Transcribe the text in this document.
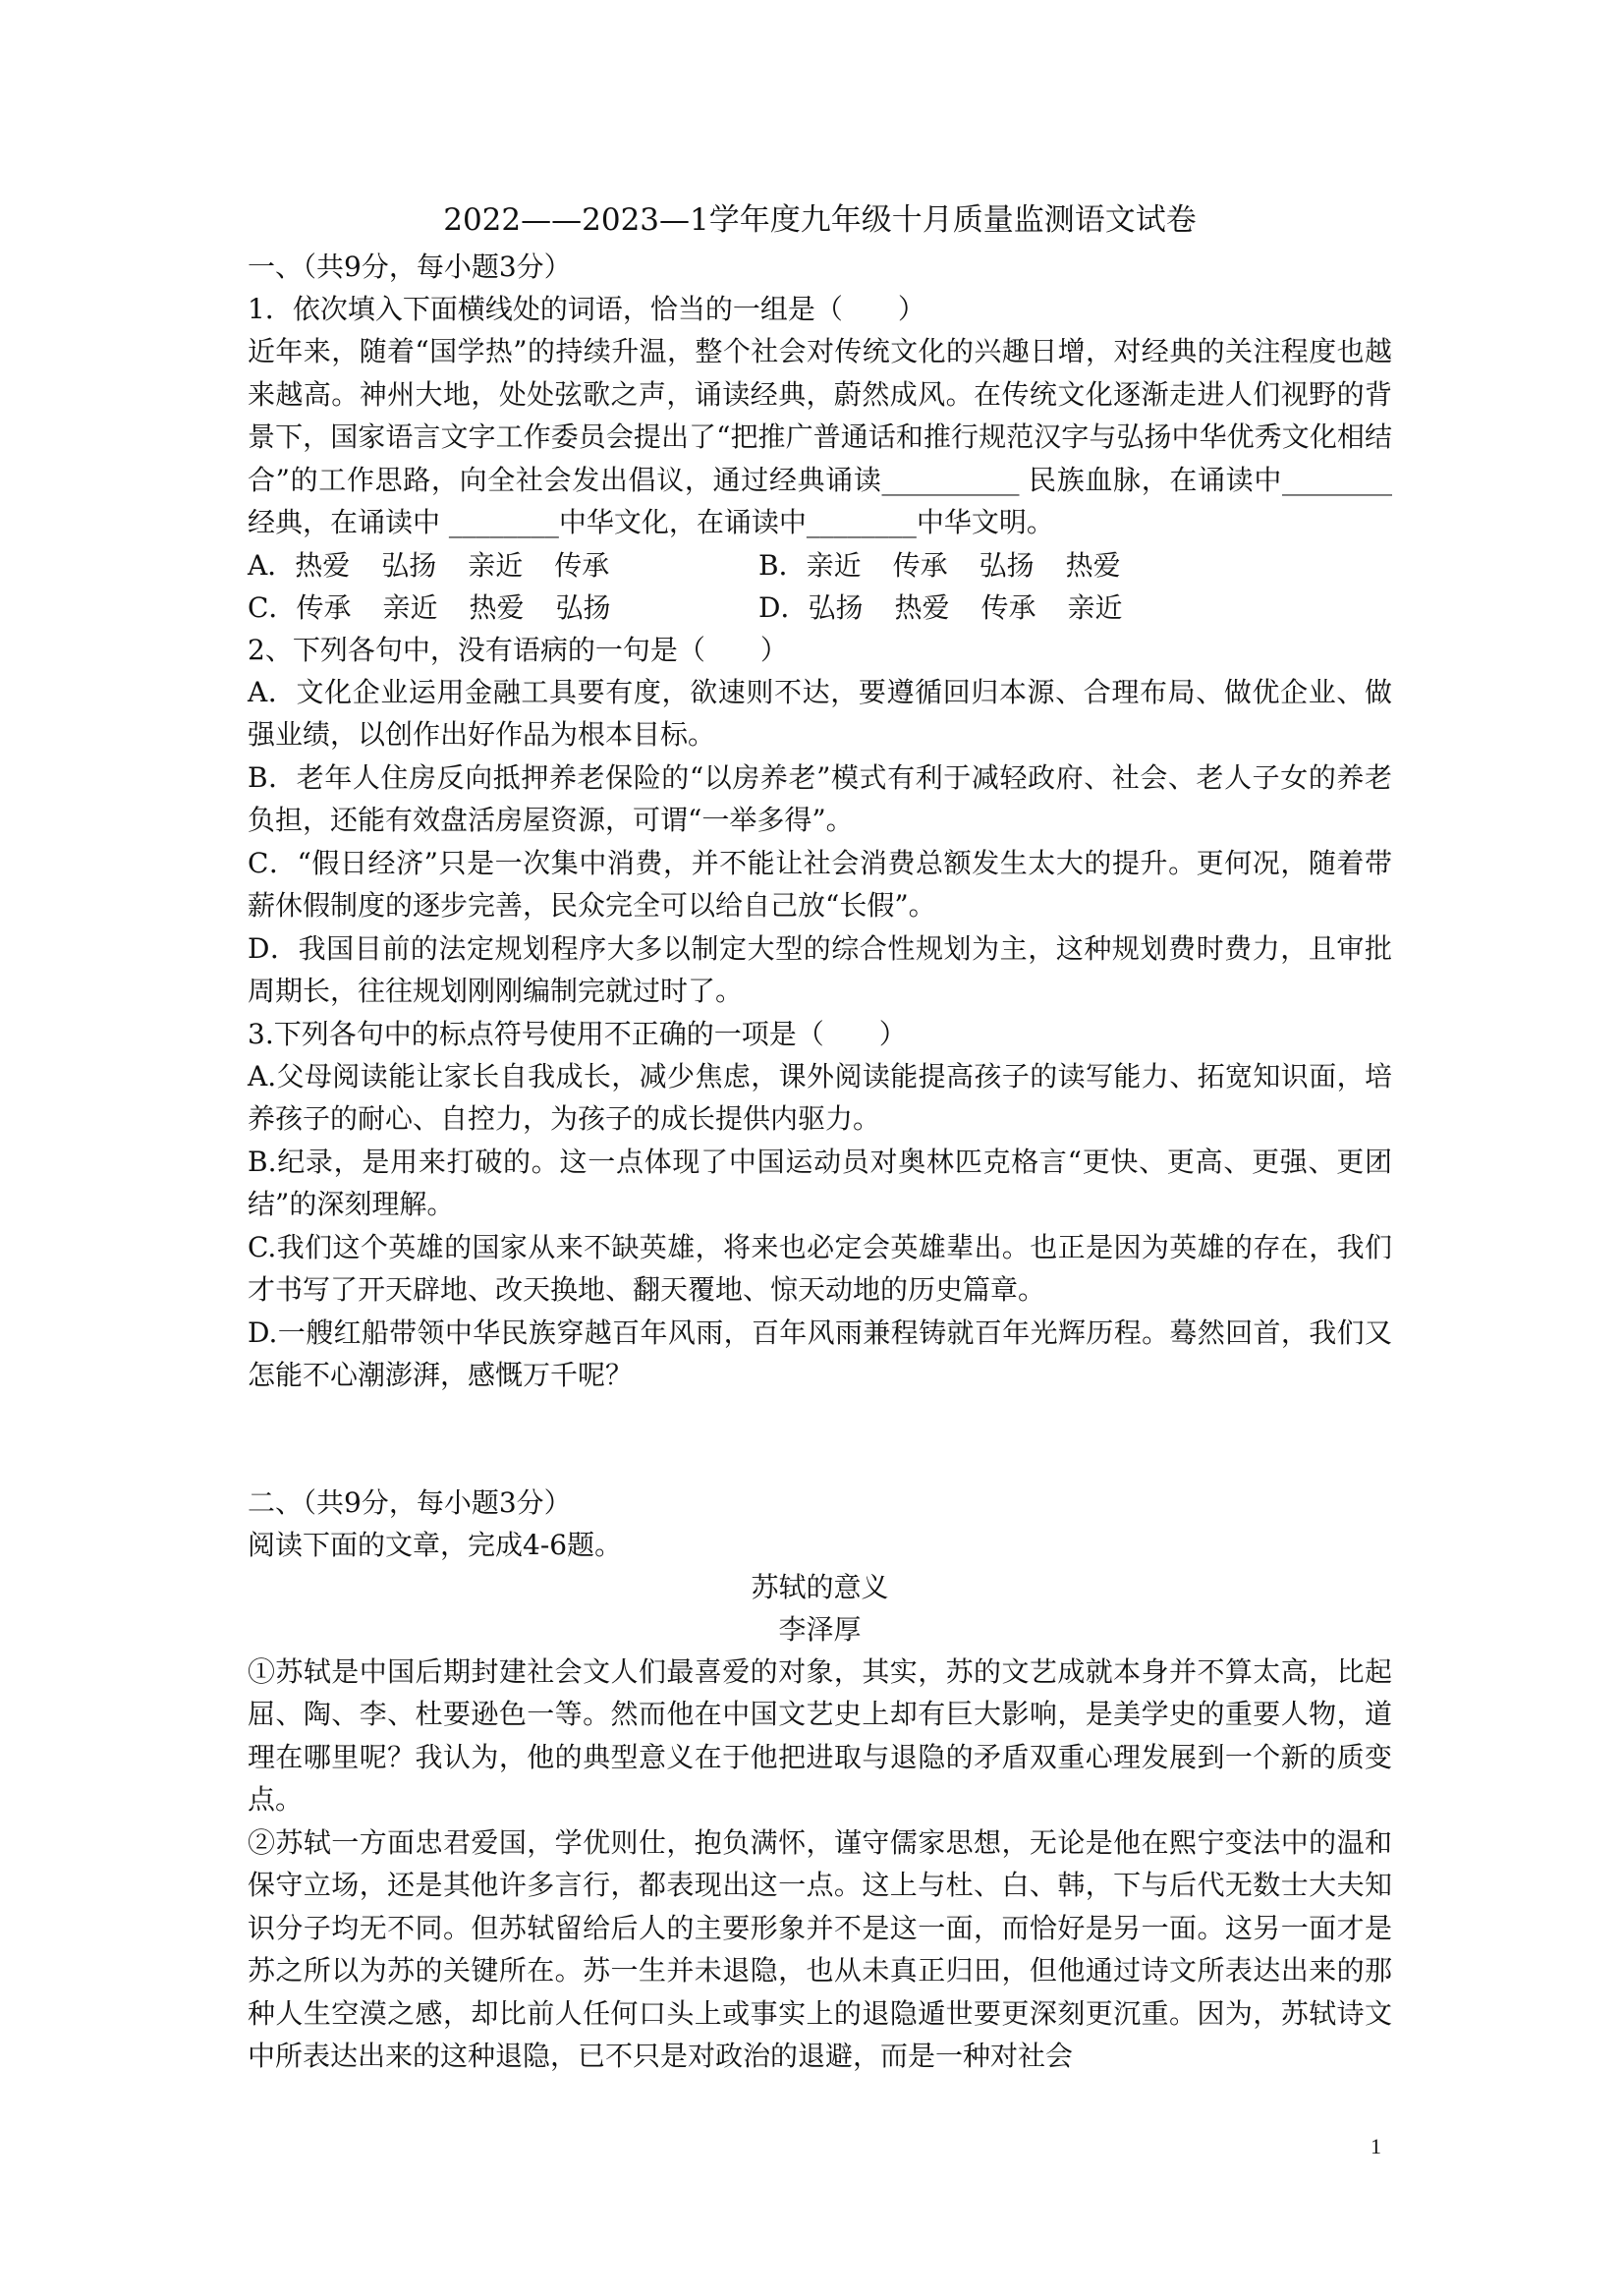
2022——2023—1学年度九年级十月质量监测语文试卷
一、（共9分，每小题3分）
1．依次填入下面横线处的词语，恰当的一组是（　　）

近年来，随着“国学热”的持续升温，整个社会对传统文化的兴趣日增，对经典的关注程度也越来越高。神州大地，处处弦歌之声，诵读经典，蔚然成风。在传统文化逐渐走进人们视野的背景下，国家语言文字工作委员会提出了“把推广普通话和推行规范汉字与弘扬中华优秀文化相结合”的工作思路，向全社会发出倡议，通过经典诵读__________ 民族血脉，在诵读中________经典，在诵读中 ________中华文化，在诵读中________中华文明。

A．热爱 弘扬 亲近 传承	B．亲近 传承 弘扬 热爱
C．传承 亲近 热爱 弘扬	D．弘扬 热爱 传承 亲近
2、下列各句中，没有语病的一句是（　　）

A．文化企业运用金融工具要有度，欲速则不达，要遵循回归本源、合理布局、做优企业、做强业绩，以创作出好作品为根本目标。

B．老年人住房反向抵押养老保险的“以房养老”模式有利于减轻政府、社会、老人子女的养老负担，还能有效盘活房屋资源，可谓“一举多得”。

C．“假日经济”只是一次集中消费，并不能让社会消费总额发生太大的提升。更何况，随着带薪休假制度的逐步完善，民众完全可以给自己放“长假”。

D．我国目前的法定规划程序大多以制定大型的综合性规划为主，这种规划费时费力，且审批周期长，往往规划刚刚编制完就过时了。

3.下列各句中的标点符号使用不正确的一项是（　　）

A.父母阅读能让家长自我成长，减少焦虑，课外阅读能提高孩子的读写能力、拓宽知识面，培养孩子的耐心、自控力，为孩子的成长提供内驱力。

B.纪录，是用来打破的。这一点体现了中国运动员对奥林匹克格言“更快、更高、更强、更团结”的深刻理解。

C.我们这个英雄的国家从来不缺英雄，将来也必定会英雄辈出。也正是因为英雄的存在，我们才书写了开天辟地、改天换地、翻天覆地、惊天动地的历史篇章。

D.一艘红船带领中华民族穿越百年风雨，百年风雨兼程铸就百年光辉历程。蓦然回首，我们又怎能不心潮澎湃，感慨万千呢？

二、（共9分，每小题3分）
阅读下面的文章，完成4-6题。
苏轼的意义
李泽厚

①苏轼是中国后期封建社会文人们最喜爱的对象，其实，苏的文艺成就本身并不算太高，比起屈、陶、李、杜要逊色一等。然而他在中国文艺史上却有巨大影响，是美学史的重要人物，道理在哪里呢？我认为，他的典型意义在于他把进取与退隐的矛盾双重心理发展到一个新的质变点。

②苏轼一方面忠君爱国，学优则仕，抱负满怀，谨守儒家思想，无论是他在熙宁变法中的温和保守立场，还是其他许多言行，都表现出这一点。这上与杜、白、韩，下与后代无数士大夫知识分子均无不同。但苏轼留给后人的主要形象并不是这一面，而恰好是另一面。这另一面才是苏之所以为苏的关键所在。苏一生并未退隐，也从未真正归田，但他通过诗文所表达出来的那种人生空漠之感，却比前人任何口头上或事实上的退隐遁世要更深刻更沉重。因为，苏轼诗文中所表达出来的这种退隐，已不只是对政治的退避，而是一种对社会

1
